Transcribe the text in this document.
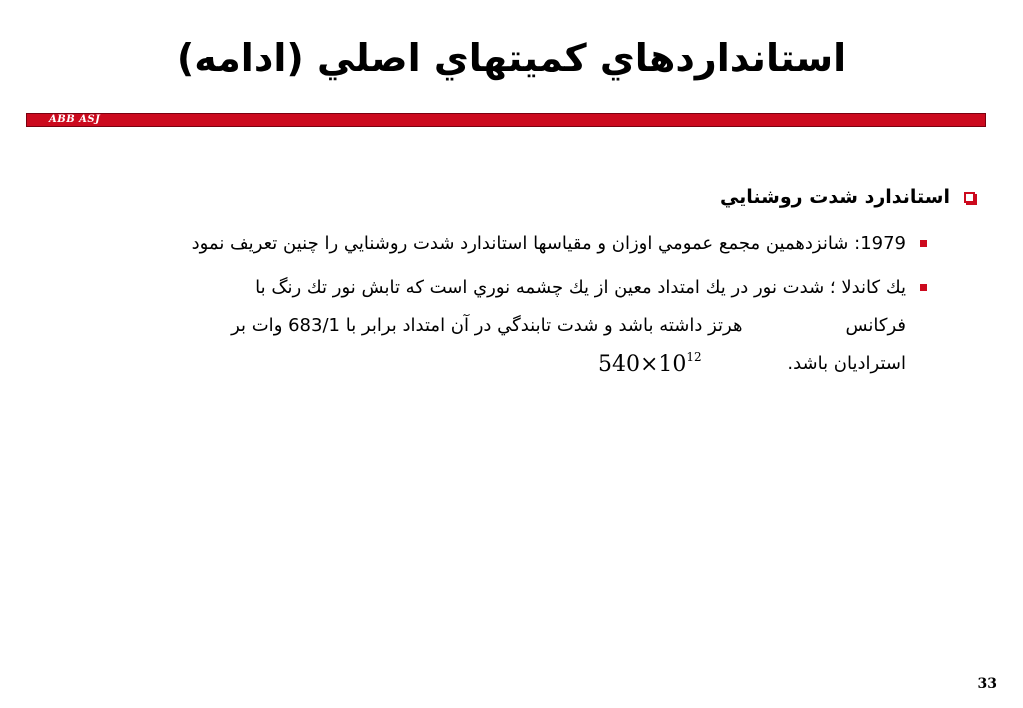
استانداردهاي كميتهاي اصلي (ادامه)
ABB ASJ
استاندارد شدت روشنايي
1979: شانزدهمين مجمع عمومي اوزان و مقياسها استاندارد شدت روشنايي را چنين تعريف نمود
يك كاندلا ؛ شدت نور در يك امتداد معين از يك چشمه نوري است كه تابش نور تك رنگ با
فركانس                  هرتز داشته باشد و شدت تابندگي در آن امتداد برابر با 683/1 وات بر
استراديان باشد.
$540\times 10^{12}$
33
